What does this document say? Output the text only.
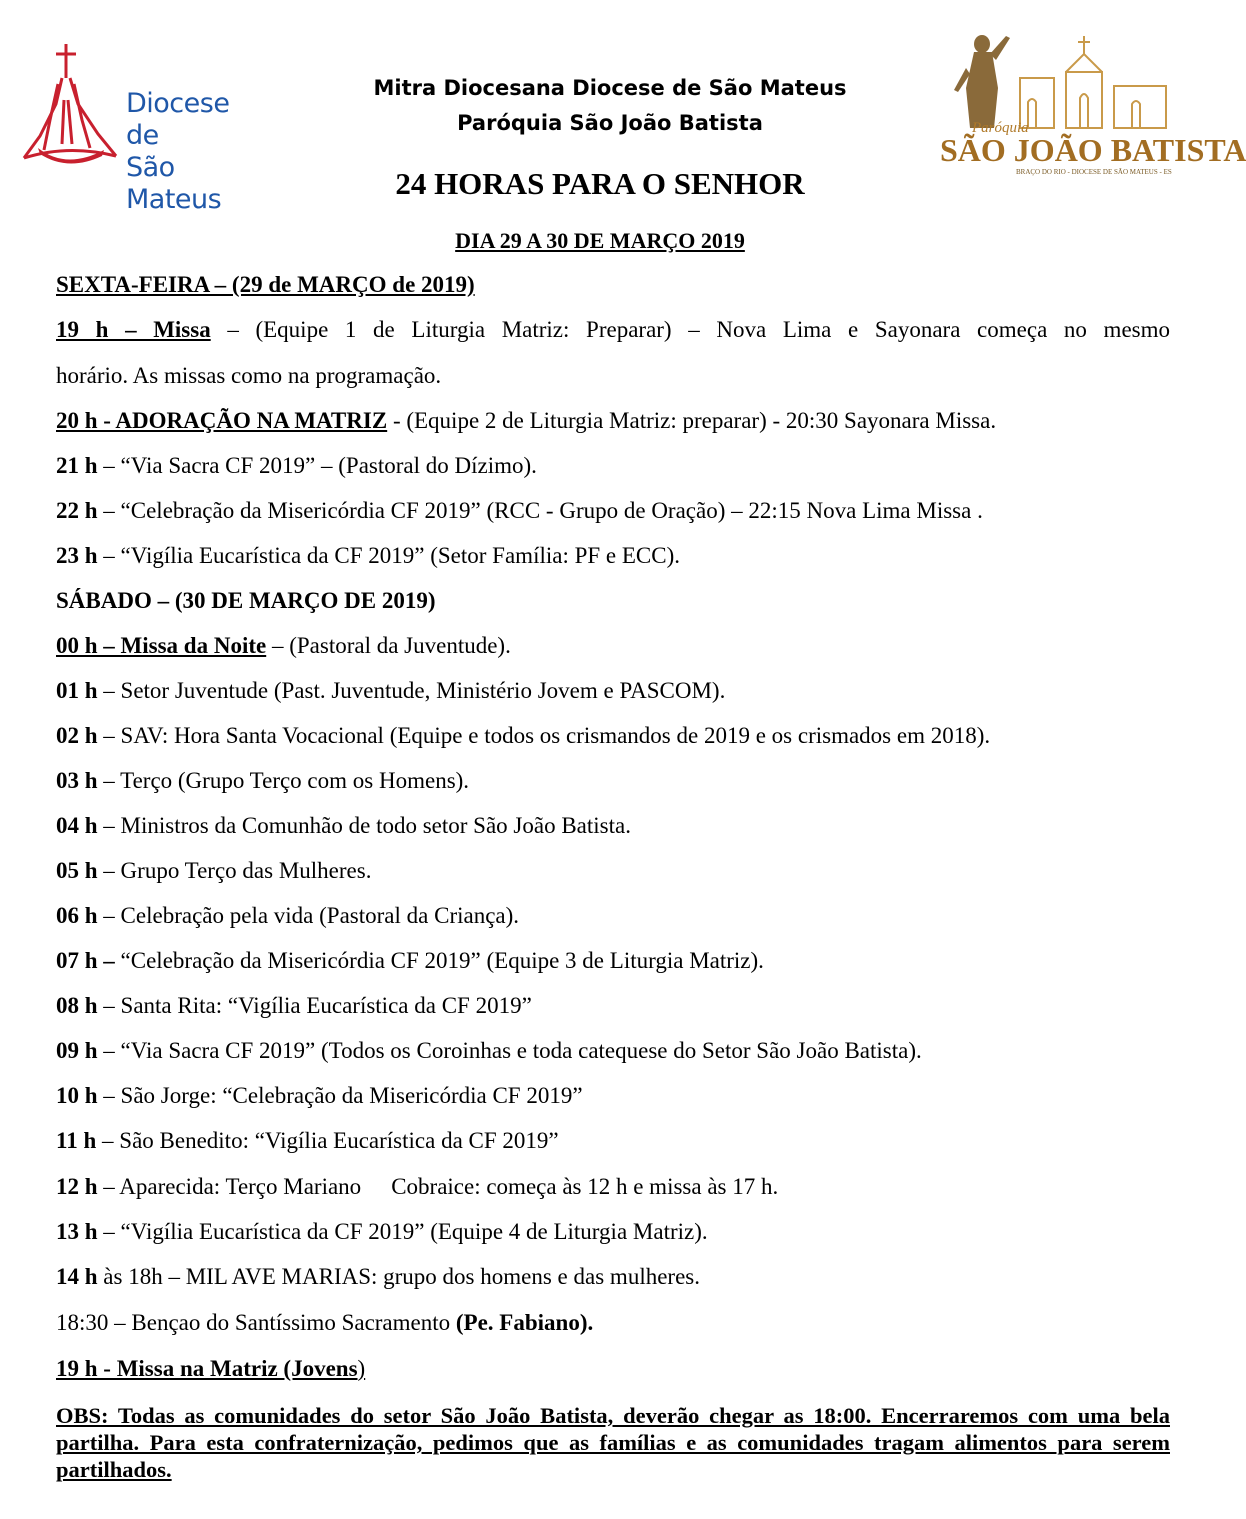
Diocese de
São Mateus
Mitra Diocesana Diocese de São Mateus
Paróquia São João Batista	Paróquia
SÃO JOÃO BATISTA
BRAÇO DO RIO - DIOCESE DE SÃO MATEUS - ES
24 HORAS PARA O SENHOR
DIA 29 A 30 DE MARÇO 2019
SEXTA-FEIRA – (29 de MARÇO de 2019)
19 h – Missa – (Equipe 1 de Liturgia Matriz: Preparar) – Nova Lima e Sayonara começa no mesmo
horário. As missas como na programação.
20 h - ADORAÇÃO NA MATRIZ - (Equipe 2 de Liturgia Matriz: preparar) - 20:30 Sayonara Missa.
21 h – “Via Sacra CF 2019” – (Pastoral do Dízimo).
22 h – “Celebração da Misericórdia CF 2019” (RCC - Grupo de Oração) – 22:15 Nova Lima Missa .
23 h – “Vigília Eucarística da CF 2019” (Setor Família: PF e ECC).
SÁBADO – (30 DE MARÇO DE 2019)
00 h – Missa da Noite – (Pastoral da Juventude).
01 h – Setor Juventude (Past. Juventude, Ministério Jovem e PASCOM).
02 h – SAV: Hora Santa Vocacional (Equipe e todos os crismandos de 2019 e os crismados em 2018).
03 h – Terço (Grupo Terço com os Homens).
04 h – Ministros da Comunhão de todo setor São João Batista.
05 h – Grupo Terço das Mulheres.
06 h – Celebração pela vida (Pastoral da Criança).
07 h – “Celebração da Misericórdia CF 2019” (Equipe 3 de Liturgia Matriz).
08 h – Santa Rita: “Vigília Eucarística da CF 2019”
09 h – “Via Sacra CF 2019” (Todos os Coroinhas e toda catequese do Setor São João Batista).
10 h – São Jorge: “Celebração da Misericórdia CF 2019”
11 h – São Benedito: “Vigília Eucarística da CF 2019”
12 h – Aparecida: Terço Mariano Cobraice: começa às 12 h e missa às 17 h.
13 h – “Vigília Eucarística da CF 2019” (Equipe 4 de Liturgia Matriz).
14 h às 18h – MIL AVE MARIAS: grupo dos homens e das mulheres.
18:30 – Bençao do Santíssimo Sacramento (Pe. Fabiano).
19 h - Missa na Matriz (Jovens)
OBS: Todas as comunidades do setor São João Batista, deverão chegar as 18:00. Encerraremos com uma bela partilha. Para esta confraternização, pedimos que as famílias e as comunidades tragam alimentos para serem partilhados.
